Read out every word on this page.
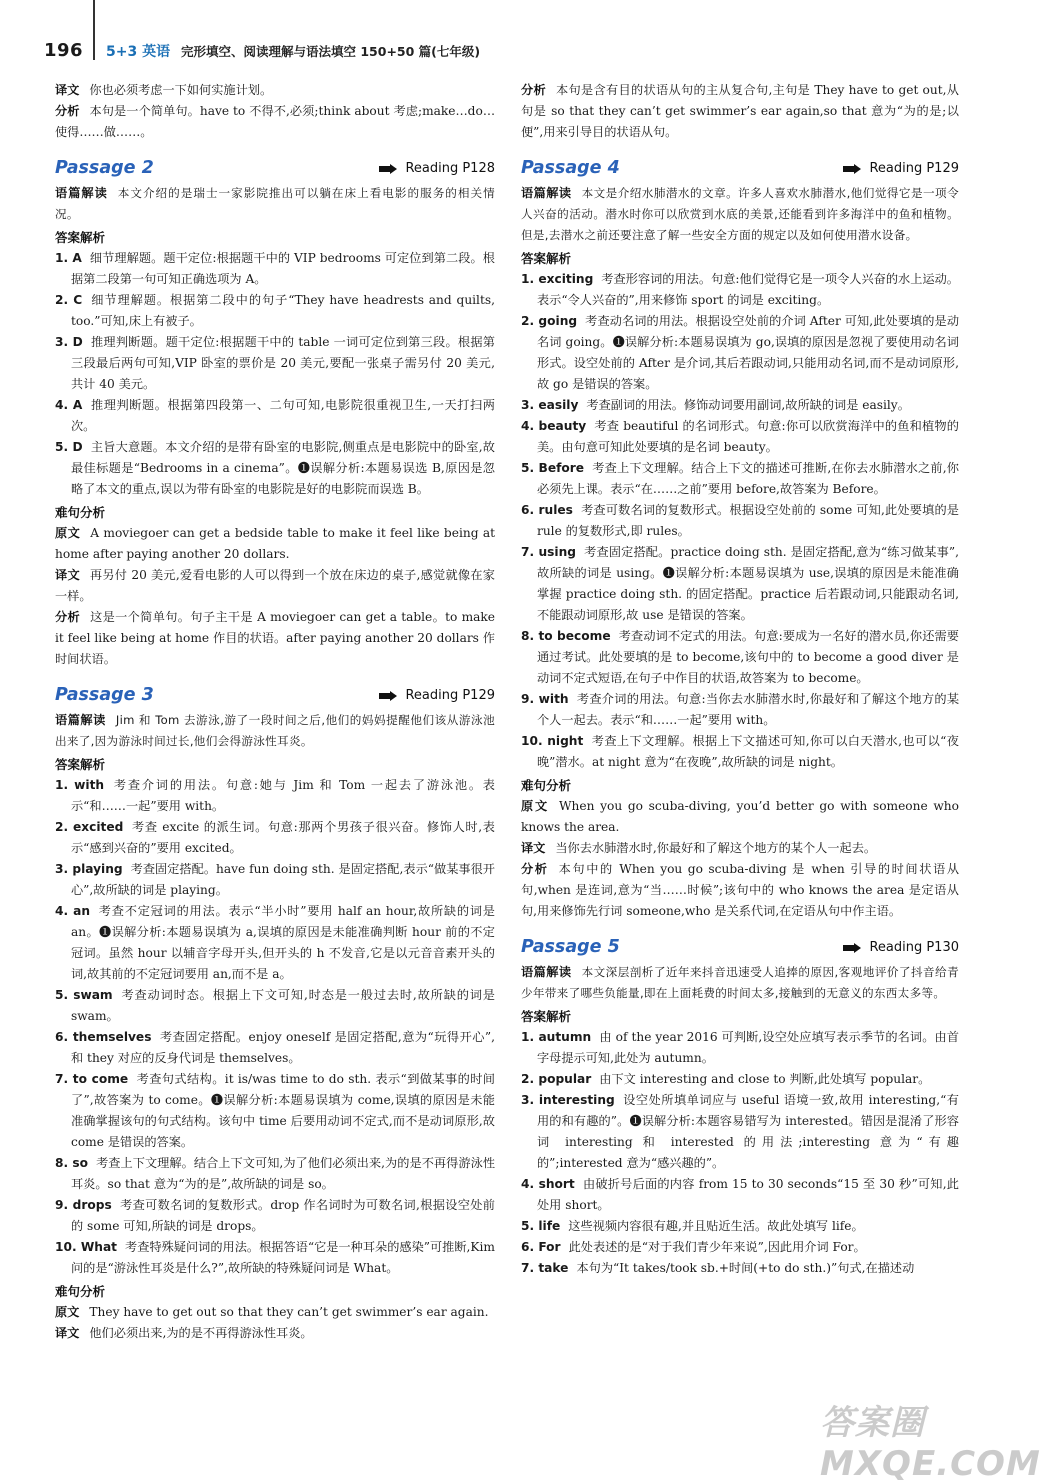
196 5+3 英语 完形填空、阅读理解与语法填空 150+50 篇(七年级)

译文 你也必须考虑一下如何实施计划。

分析 本句是一个简单句。have to 不得不,必须;think about 考虑;make…do…使得……做……。

Passage 2	Reading P128

语篇解读 本文介绍的是瑞士一家影院推出可以躺在床上看电影的服务的相关情况。

答案解析

1. A 细节理解题。题干定位:根据题干中的 VIP bedrooms 可定位到第二段。根据第二段第一句可知正确选项为 A。

2. C 细节理解题。根据第二段中的句子“They have headrests and quilts, too.”可知,床上有被子。

3. D 推理判断题。题干定位:根据题干中的 table 一词可定位到第三段。根据第三段最后两句可知,VIP 卧室的票价是 20 美元,要配一张桌子需另付 20 美元,共计 40 美元。

4. A 推理判断题。根据第四段第一、二句可知,电影院很重视卫生,一天打扫两次。

5. D 主旨大意题。本文介绍的是带有卧室的电影院,侧重点是电影院中的卧室,故最佳标题是“Bedrooms in a cinema”。❶误解分析:本题易误选 B,原因是忽略了本文的重点,误以为带有卧室的电影院是好的电影院而误选 B。

难句分析

原文 A moviegoer can get a bedside table to make it feel like being at home after paying another 20 dollars.

译文 再另付 20 美元,爱看电影的人可以得到一个放在床边的桌子,感觉就像在家一样。

分析 这是一个简单句。句子主干是 A moviegoer can get a table。to make it feel like being at home 作目的状语。after paying another 20 dollars 作时间状语。

Passage 3	Reading P129

语篇解读 Jim 和 Tom 去游泳,游了一段时间之后,他们的妈妈提醒他们该从游泳池出来了,因为游泳时间过长,他们会得游泳性耳炎。

答案解析

1. with 考查介词的用法。句意:她与 Jim 和 Tom 一起去了游泳池。表示“和……一起”要用 with。

2. excited 考查 excite 的派生词。句意:那两个男孩子很兴奋。修饰人时,表示“感到兴奋的”要用 excited。

3. playing 考查固定搭配。have fun doing sth. 是固定搭配,表示“做某事很开心”,故所缺的词是 playing。

4. an 考查不定冠词的用法。表示“半小时”要用 half an hour,故所缺的词是 an。❶误解分析:本题易误填为 a,误填的原因是未能准确判断 hour 前的不定冠词。虽然 hour 以辅音字母开头,但开头的 h 不发音,它是以元音音素开头的词,故其前的不定冠词要用 an,而不是 a。

5. swam 考查动词时态。根据上下文可知,时态是一般过去时,故所缺的词是 swam。

6. themselves 考查固定搭配。enjoy oneself 是固定搭配,意为“玩得开心”,和 they 对应的反身代词是 themselves。

7. to come 考查句式结构。it is/was time to do sth. 表示“到做某事的时间了”,故答案为 to come。❶误解分析:本题易误填为 come,误填的原因是未能准确掌握该句的句式结构。该句中 time 后要用动词不定式,而不是动词原形,故 come 是错误的答案。

8. so 考查上下文理解。结合上下文可知,为了他们必须出来,为的是不再得游泳性耳炎。so that 意为“为的是”,故所缺的词是 so。

9. drops 考查可数名词的复数形式。drop 作名词时为可数名词,根据设空处前的 some 可知,所缺的词是 drops。

10. What 考查特殊疑问词的用法。根据答语“它是一种耳朵的感染”可推断,Kim 问的是“游泳性耳炎是什么?”,故所缺的特殊疑问词是 What。

难句分析

原文 They have to get out so that they can’t get swimmer’s ear again.

译文 他们必须出来,为的是不再得游泳性耳炎。

分析 本句是含有目的状语从句的主从复合句,主句是 They have to get out,从句是 so that they can’t get swimmer’s ear again,so that 意为“为的是;以便”,用来引导目的状语从句。

Passage 4	Reading P129

语篇解读 本文是介绍水肺潜水的文章。许多人喜欢水肺潜水,他们觉得它是一项令人兴奋的活动。潜水时你可以欣赏到水底的美景,还能看到许多海洋中的鱼和植物。但是,去潜水之前还要注意了解一些安全方面的规定以及如何使用潜水设备。

答案解析

1. exciting 考查形容词的用法。句意:他们觉得它是一项令人兴奋的水上运动。表示“令人兴奋的”,用来修饰 sport 的词是 exciting。

2. going 考查动名词的用法。根据设空处前的介词 After 可知,此处要填的是动名词 going。❶误解分析:本题易误填为 go,误填的原因是忽视了要使用动名词形式。设空处前的 After 是介词,其后若跟动词,只能用动名词,而不是动词原形,故 go 是错误的答案。

3. easily 考查副词的用法。修饰动词要用副词,故所缺的词是 easily。

4. beauty 考查 beautiful 的名词形式。句意:你可以欣赏海洋中的鱼和植物的美。由句意可知此处要填的是名词 beauty。

5. Before 考查上下文理解。结合上下文的描述可推断,在你去水肺潜水之前,你必须先上课。表示“在……之前”要用 before,故答案为 Before。

6. rules 考查可数名词的复数形式。根据设空处前的 some 可知,此处要填的是 rule 的复数形式,即 rules。

7. using 考查固定搭配。practice doing sth. 是固定搭配,意为“练习做某事”,故所缺的词是 using。❶误解分析:本题易误填为 use,误填的原因是未能准确掌握 practice doing sth. 的固定搭配。practice 后若跟动词,只能跟动名词,不能跟动词原形,故 use 是错误的答案。

8. to become 考查动词不定式的用法。句意:要成为一名好的潜水员,你还需要通过考试。此处要填的是 to become,该句中的 to become a good diver 是动词不定式短语,在句子中作目的状语,故答案为 to become。

9. with 考查介词的用法。句意:当你去水肺潜水时,你最好和了解这个地方的某个人一起去。表示“和……一起”要用 with。

10. night 考查上下文理解。根据上下文描述可知,你可以白天潜水,也可以“夜晚”潜水。at night 意为“在夜晚”,故所缺的词是 night。

难句分析

原文 When you go scuba-diving, you’d better go with someone who knows the area.

译文 当你去水肺潜水时,你最好和了解这个地方的某个人一起去。

分析 本句中的 When you go scuba-diving 是 when 引导的时间状语从句,when 是连词,意为“当……时候”;该句中的 who knows the area 是定语从句,用来修饰先行词 someone,who 是关系代词,在定语从句中作主语。

Passage 5	Reading P130

语篇解读 本文深层剖析了近年来抖音迅速受人追捧的原因,客观地评价了抖音给青少年带来了哪些负能量,即在上面耗费的时间太多,接触到的无意义的东西太多等。

答案解析

1. autumn 由 of the year 2016 可判断,设空处应填写表示季节的名词。由首字母提示可知,此处为 autumn。

2. popular 由下文 interesting and close to 判断,此处填写 popular。

3. interesting 设空处所填单词应与 useful 语境一致,故用 interesting,“有用的和有趣的”。❶误解分析:本题容易错写为 interested。错因是混淆了形容词 interesting 和 interested 的用法;interesting 意为“有趣的”;interested 意为“感兴趣的”。

4. short 由破折号后面的内容 from 15 to 30 seconds“15 至 30 秒”可知,此处用 short。

5. life 这些视频内容很有趣,并且贴近生活。故此处填写 life。

6. For 此处表述的是“对于我们青少年来说”,因此用介词 For。

7. take 本句为“It takes/took sb.+时间(+to do sth.)”句式,在描述动

答案圈 MXQE.COM
